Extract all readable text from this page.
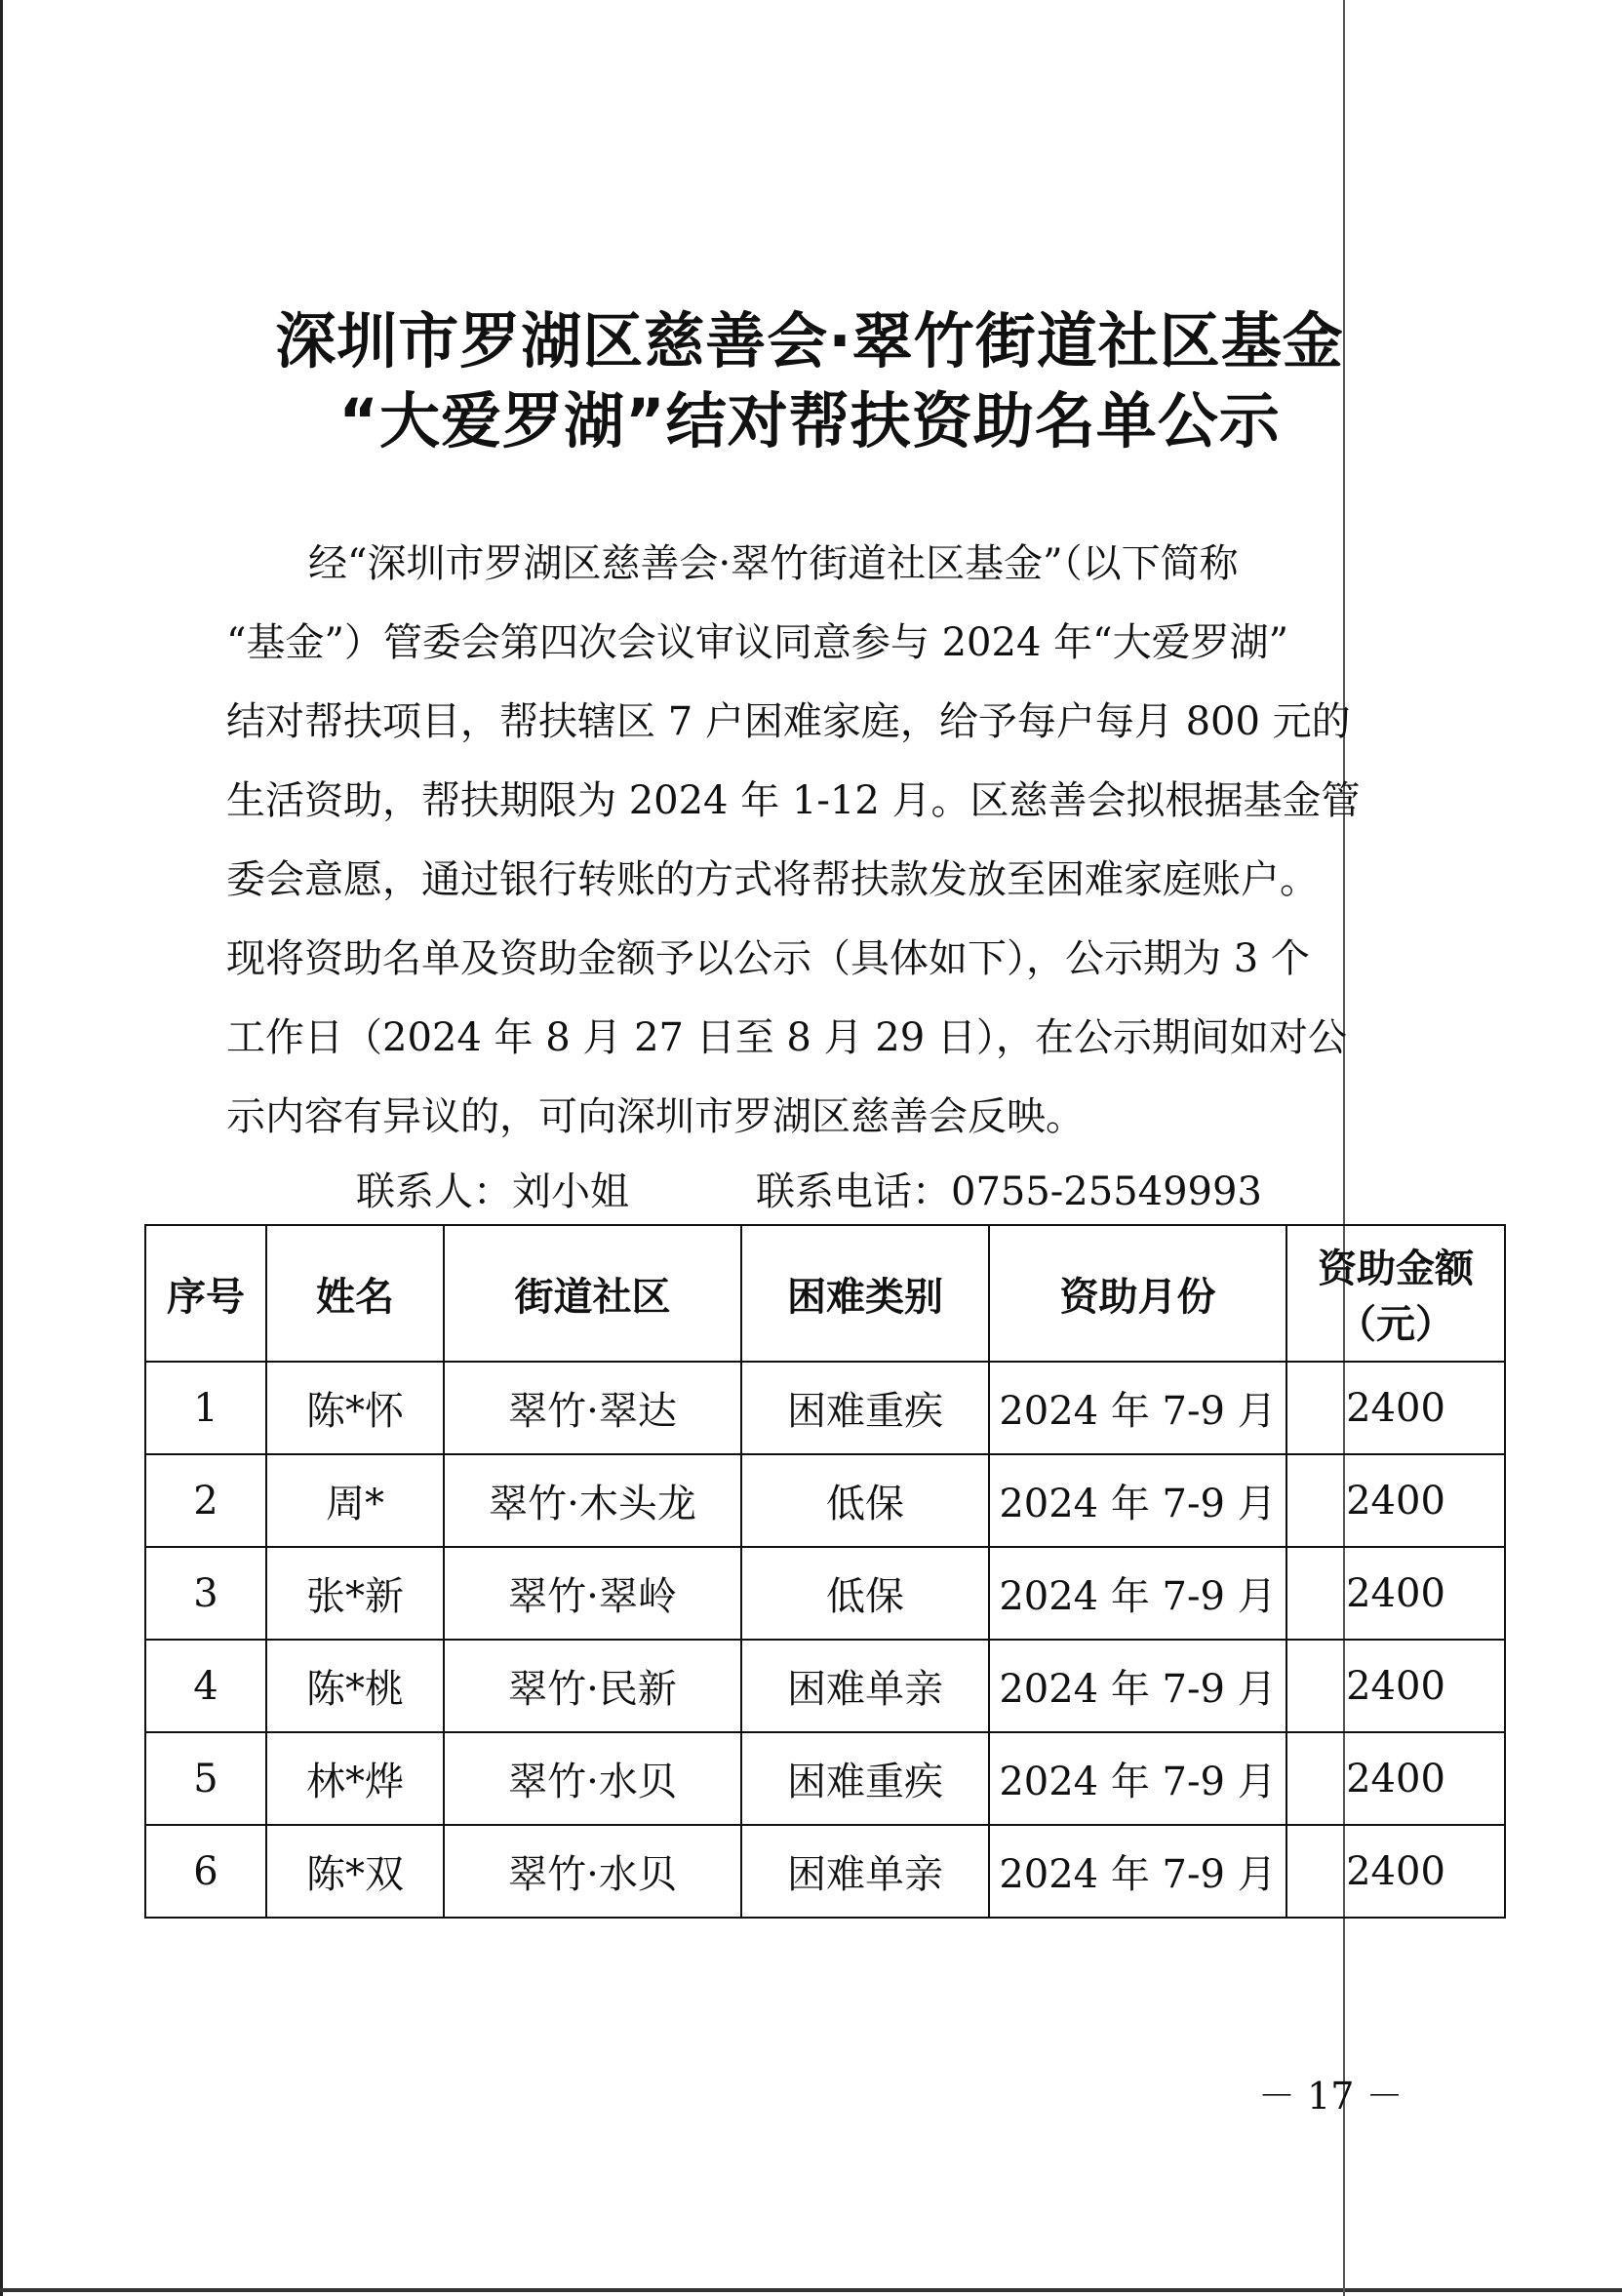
深圳市罗湖区慈善会·翠竹街道社区基金
“大爱罗湖”结对帮扶资助名单公示
经“深圳市罗湖区慈善会·翠竹街道社区基金”（以下简称
“基金”）管委会第四次会议审议同意参与 2024 年“大爱罗湖”
结对帮扶项目，帮扶辖区 7 户困难家庭，给予每户每月 800 元的
生活资助，帮扶期限为 2024 年 1-12 月。区慈善会拟根据基金管
委会意愿，通过银行转账的方式将帮扶款发放至困难家庭账户。
现将资助名单及资助金额予以公示（具体如下），公示期为 3 个
工作日（2024 年 8 月 27 日至 8 月 29 日），在公示期间如对公
示内容有异议的，可向深圳市罗湖区慈善会反映。
联系人：刘小姐	联系电话：0755-25549993
序号	姓名	街道社区	困难类别	资助月份	资助金额（元）
1	陈*怀	翠竹·翠达	困难重疾	2024 年 7-9 月	2400
2	周*	翠竹·木头龙	低保	2024 年 7-9 月	2400
3	张*新	翠竹·翠岭	低保	2024 年 7-9 月	2400
4	陈*桃	翠竹·民新	困难单亲	2024 年 7-9 月	2400
5	林*烨	翠竹·水贝	困难重疾	2024 年 7-9 月	2400
6	陈*双	翠竹·水贝	困难单亲	2024 年 7-9 月	2400
－ 17 －
